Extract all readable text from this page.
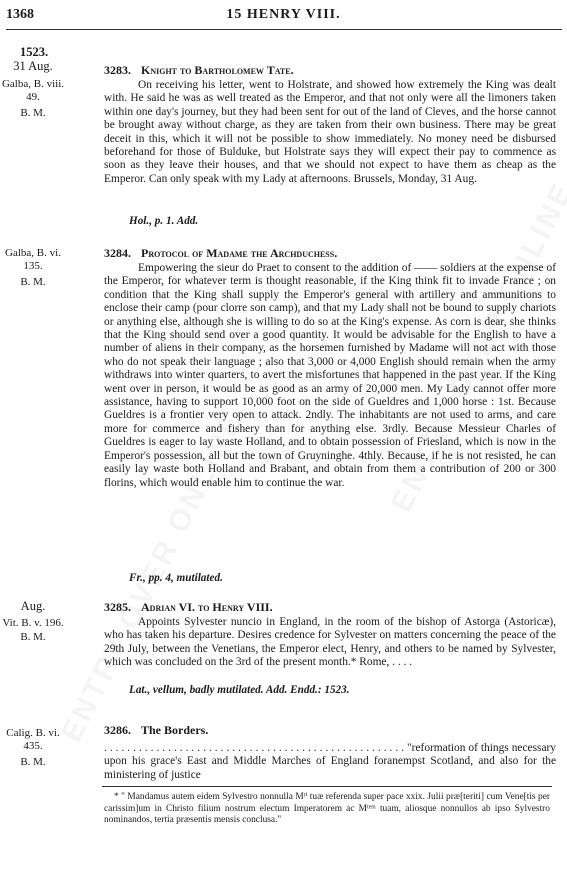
1368	15 HENRY VIII.
1523.
31 Aug.
Galba, B. viii.
49.
B. M.
3283. Knight to Bartholomew Tate.

On receiving his letter, went to Holstrate, and showed how extremely the King was dealt with. He said he was as well treated as the Emperor, and that not only were all the limoners taken within one day's journey, but they had been sent for out of the land of Cleves, and the horse cannot be brought away without charge, as they are taken from their own business. There may be great deceit in this, which it will not be possible to show immediately. No money need be disbursed beforehand for those of Bulduke, but Holstrate says they will expect their pay to commence as soon as they leave their houses, and that we should not expect to have them as cheap as the Emperor. Can only speak with my Lady at afternoons. Brussels, Monday, 31 Aug.

Hol., p. 1. Add.
Galba, B. vi.
135.
B. M.
3284. Protocol of Madame the Archduchess.

Empowering the sieur do Praet to consent to the addition of —— soldiers at the expense of the Emperor, for whatever term is thought reasonable, if the King think fit to invade France ; on condition that the King shall supply the Emperor's general with artillery and ammunitions to enclose their camp (pour clorre son camp), and that my Lady shall not be bound to supply chariots or anything else, although she is willing to do so at the King's expense. As corn is dear, she thinks that the King should send over a good quantity. It would be advisable for the English to have a number of aliens in their company, as the horsemen furnished by Madame will not act with those who do not speak their language ; also that 3,000 or 4,000 English should remain when the army withdraws into winter quarters, to avert the misfortunes that happened in the past year. If the King went over in person, it would be as good as an army of 20,000 men. My Lady cannot offer more assistance, having to support 10,000 foot on the side of Gueldres and 1,000 horse : 1st. Because Gueldres is a frontier very open to attack. 2ndly. The inhabitants are not used to arms, and care more for commerce and fishery than for anything else. 3rdly. Because Messieur Charles of Gueldres is eager to lay waste Holland, and to obtain possession of Friesland, which is now in the Emperor's possession, all but the town of Gruyninghe. 4thly. Because, if he is not resisted, he can easily lay waste both Holland and Brabant, and obtain from them a contribution of 200 or 300 florins, which would enable him to continue the war.

Fr., pp. 4, mutilated.
Aug.
Vit. B. v. 196.
B. M.
3285. Adrian VI. to Henry VIII.

Appoints Sylvester nuncio in England, in the room of the bishop of Astorga (Astoricæ), who has taken his departure. Desires credence for Sylvester on matters concerning the peace of the 29th July, between the Venetians, the Emperor elect, Henry, and others to be named by Sylvester, which was concluded on the 3rd of the present month.* Rome, . . . .

Lat., vellum, badly mutilated. Add. Endd.: 1523.
Calig. B. vi.
435.
B. M.
3286. The Borders.

. . . . . . . . . . . . . . . . . . . . . . . . . . . . . . . . . . . . . . . . . . . . . . . . . . . . "reformation of things necessary upon his grace's East and Middle Marches of England foranempst Scotland, and also for the ministering of justice

* " Mandamus autem eidem Sylvestro nonnulla Mᵗⁱ tuæ referenda super pace xxix. Julii præ[teriti] cum Vene[tis per carissim]um in Christo filium nostrum electum Imperatorem ac Mᵗᵉᵐ tuam, aliosque nonnullos ab ipso Sylvestro nominandos, tertia præsentis mensis conclusa."
